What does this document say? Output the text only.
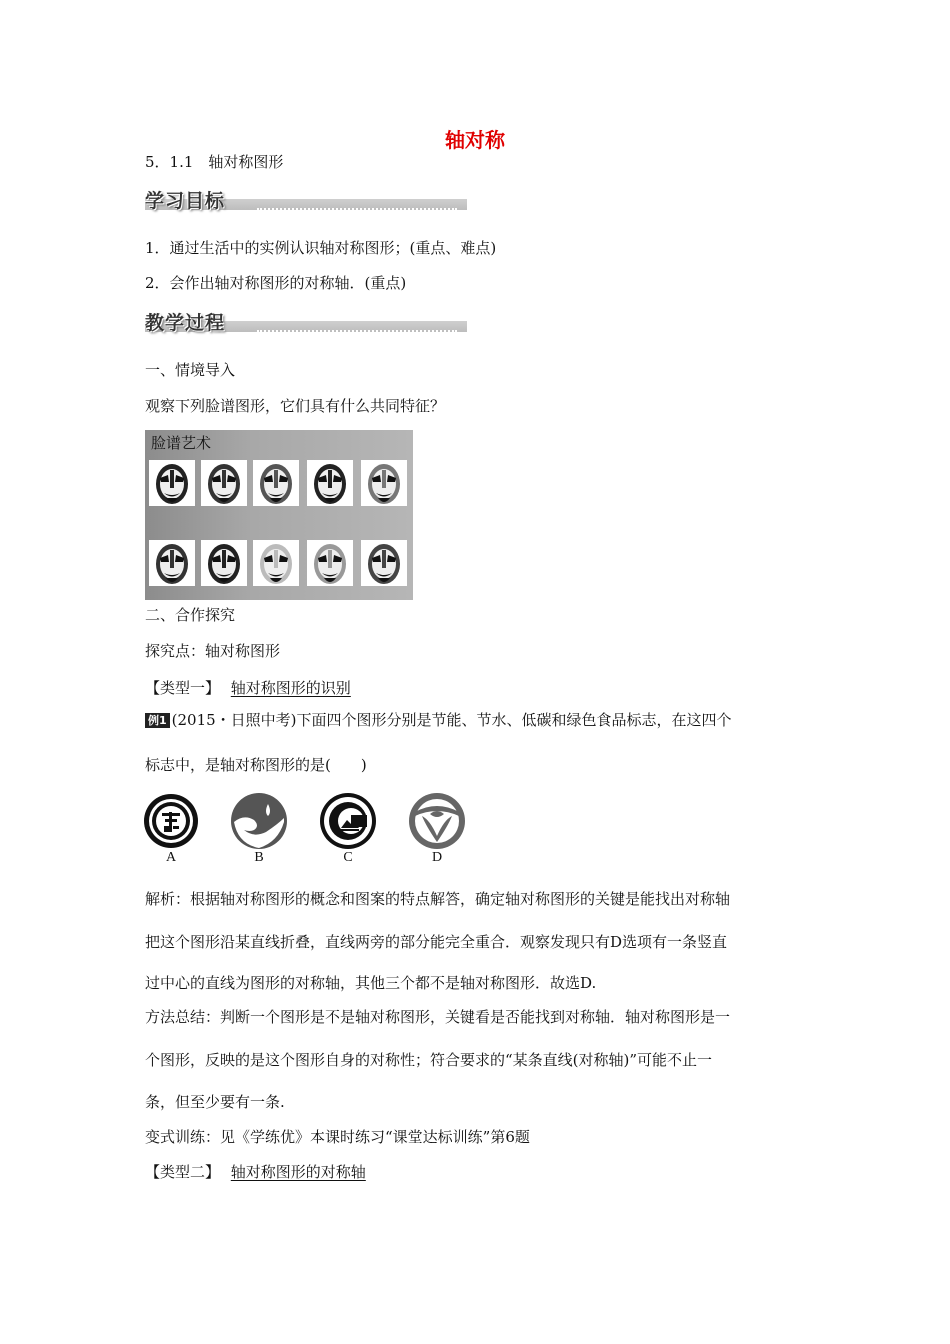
轴对称
5．1.1　轴对称图形
学习目标
1．通过生活中的实例认识轴对称图形；(重点、难点)
2．会作出轴对称图形的对称轴．(重点)
教学过程
一、情境导入
观察下列脸谱图形，它们具有什么共同特征？
脸谱艺术
二、合作探究
探究点：轴对称图形
【类型一】 轴对称图形的识别
例1 (2015・日照中考)下面四个图形分别是节能、节水、低碳和绿色食品标志，在这四个
标志中，是轴对称图形的是(　　)
A	B	C	D
解析：根据轴对称图形的概念和图案的特点解答，确定轴对称图形的关键是能找出对称轴
把这个图形沿某直线折叠，直线两旁的部分能完全重合．观察发现只有D选项有一条竖直
过中心的直线为图形的对称轴，其他三个都不是轴对称图形．故选D.
方法总结：判断一个图形是不是轴对称图形，关键看是否能找到对称轴．轴对称图形是一
个图形，反映的是这个图形自身的对称性；符合要求的“某条直线(对称轴)”可能不止一
条，但至少要有一条.
变式训练：见《学练优》本课时练习“课堂达标训练”第6题
【类型二】 轴对称图形的对称轴
